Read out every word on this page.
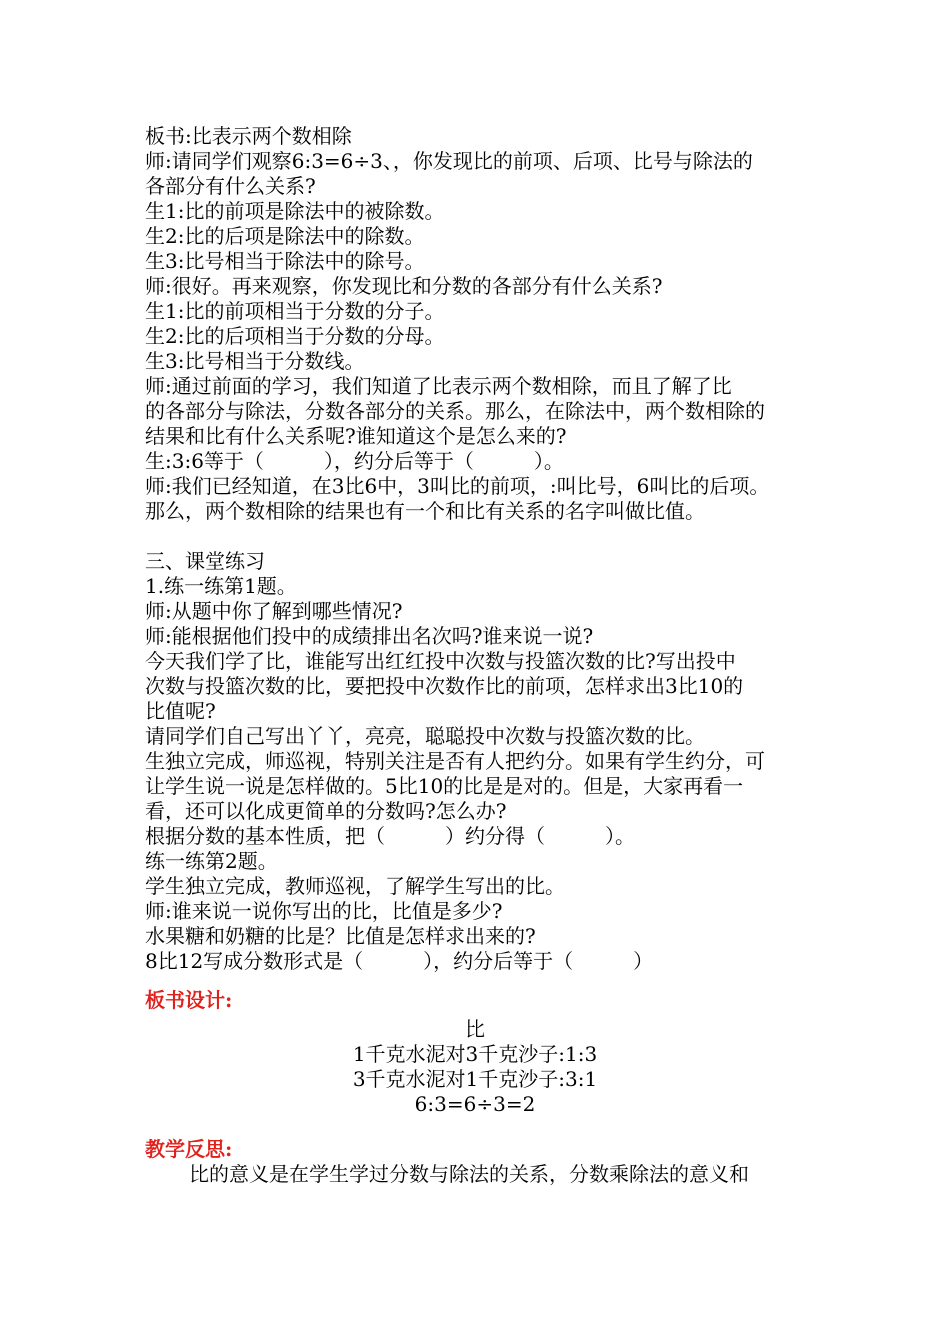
板书:比表示两个数相除
师:请同学们观察6:3=6÷3、，你发现比的前项、后项、比号与除法的
各部分有什么关系?
生1:比的前项是除法中的被除数。
生2:比的后项是除法中的除数。
生3:比号相当于除法中的除号。
师:很好。再来观察，你发现比和分数的各部分有什么关系?
生1:比的前项相当于分数的分子。
生2:比的后项相当于分数的分母。
生3:比号相当于分数线。
师:通过前面的学习，我们知道了比表示两个数相除，而且了解了比
的各部分与除法，分数各部分的关系。那么，在除法中，两个数相除的
结果和比有什么关系呢?谁知道这个是怎么来的?
生:3:6等于（　　　），约分后等于（　　　）。
师:我们已经知道，在3比6中，3叫比的前项，:叫比号，6叫比的后项。
那么，两个数相除的结果也有一个和比有关系的名字叫做比值。
三、课堂练习
1.练一练第1题。
师:从题中你了解到哪些情况?
师:能根据他们投中的成绩排出名次吗?谁来说一说?
今天我们学了比，谁能写出红红投中次数与投篮次数的比?写出投中
次数与投篮次数的比，要把投中次数作比的前项，怎样求出3比10的
比值呢?
请同学们自己写出丫丫，亮亮，聪聪投中次数与投篮次数的比。
生独立完成，师巡视，特别关注是否有人把约分。如果有学生约分，可
让学生说一说是怎样做的。5比10的比是是对的。但是，大家再看一
看，还可以化成更简单的分数吗?怎么办?
根据分数的基本性质，把（　　　）约分得（　　　）。
练一练第2题。
学生独立完成，教师巡视，了解学生写出的比。
师:谁来说一说你写出的比，比值是多少?
水果糖和奶糖的比是？比值是怎样求出来的?
8比12写成分数形式是（　　　），约分后等于（　　　）
板书设计:
比
1千克水泥对3千克沙子:1:3
3千克水泥对1千克沙子:3:1
6:3=6÷3=2
教学反思:
比的意义是在学生学过分数与除法的关系，分数乘除法的意义和
